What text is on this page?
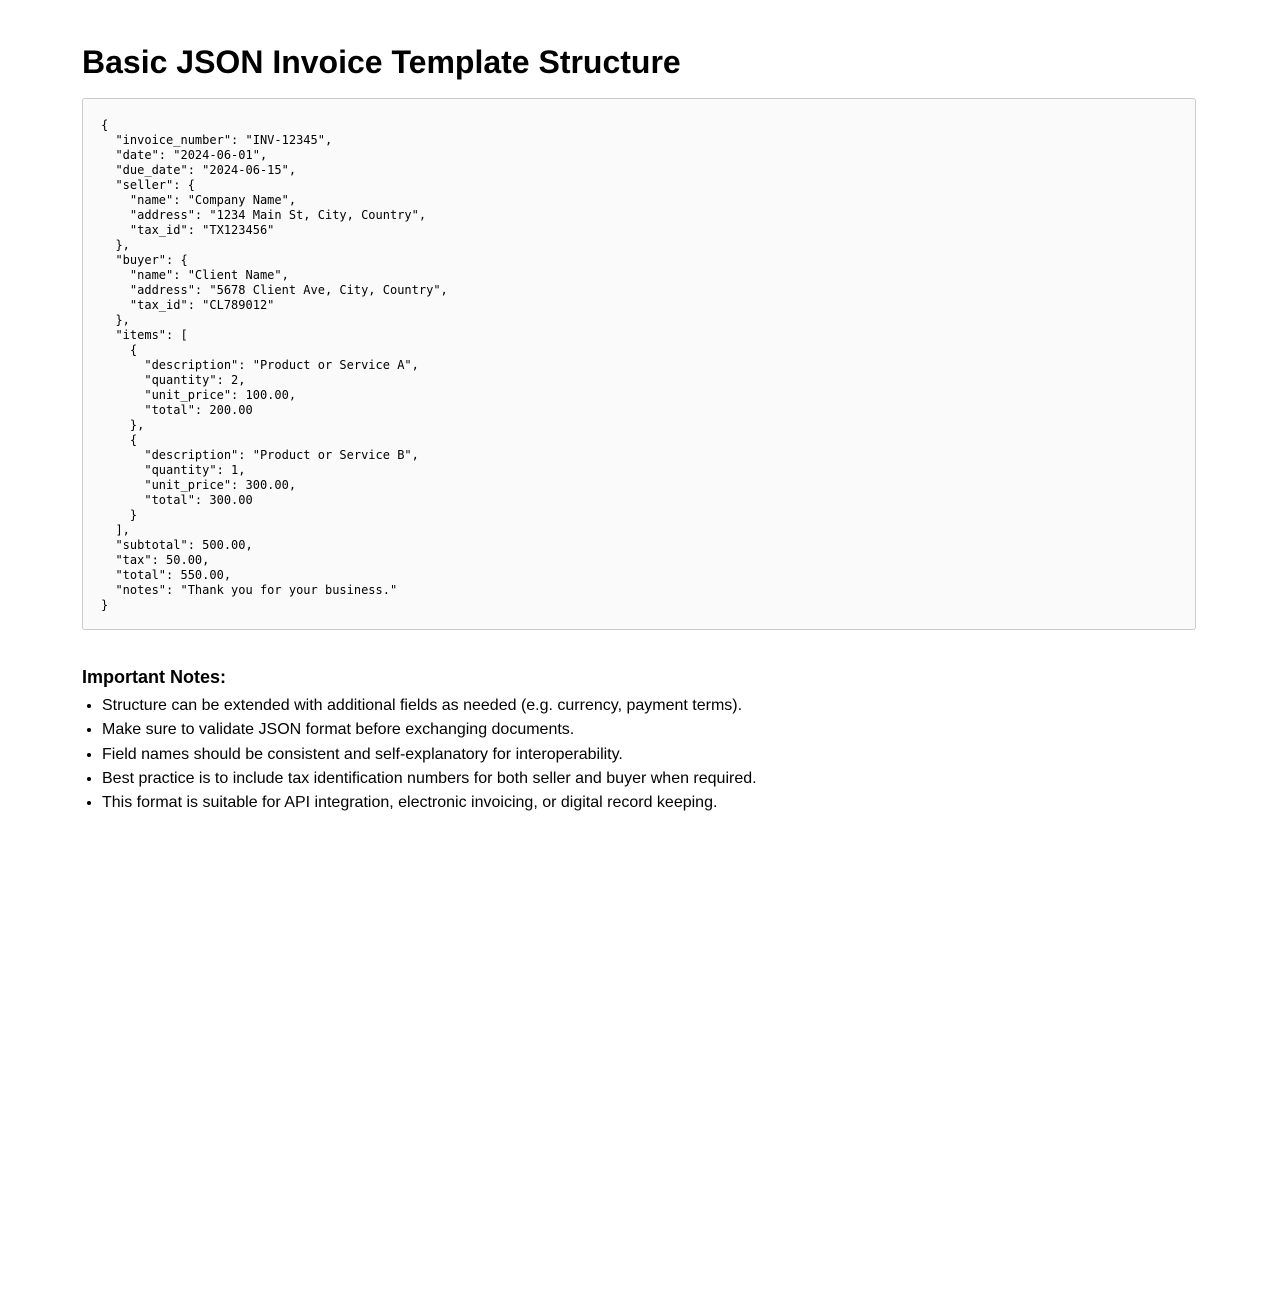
Basic JSON Invoice Template Structure
{
"invoice_number": "INV-12345",
"date": "2024-06-01",
"due_date": "2024-06-15",
"seller": {
"name": "Company Name",
"address": "1234 Main St, City, Country",
"tax_id": "TX123456"
},
"buyer": {
"name": "Client Name",
"address": "5678 Client Ave, City, Country",
"tax_id": "CL789012"
},
"items": [
{
"description": "Product or Service A",
"quantity": 2,
"unit_price": 100.00,
"total": 200.00
},
{
"description": "Product or Service B",
"quantity": 1,
"unit_price": 300.00,
"total": 300.00
}
],
"subtotal": 500.00,
"tax": 50.00,
"total": 550.00,
"notes": "Thank you for your business."
}
Important Notes:
• Structure can be extended with additional fields as needed (e.g. currency, payment terms).
• Make sure to validate JSON format before exchanging documents.
• Field names should be consistent and self-explanatory for interoperability.
• Best practice is to include tax identification numbers for both seller and buyer when required.
• This format is suitable for API integration, electronic invoicing, or digital record keeping.
